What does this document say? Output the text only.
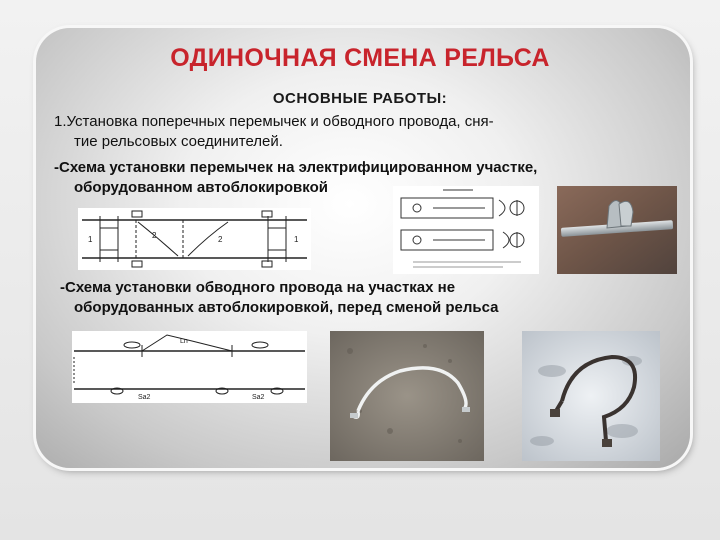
ОДИНОЧНАЯ СМЕНА РЕЛЬСА
ОСНОВНЫЕ РАБОТЫ:
1.Установка поперечных перемычек и обводного провода, сня-
тие рельсовых соединителей.
-Схема установки перемычек на электрифицированном участке,
оборудованном автоблокировкой
-Схема установки обводного провода на участках не
оборудованных автоблокировкой, перед сменой рельса
1	2	2	1
Ln
Sa2	Sa2
